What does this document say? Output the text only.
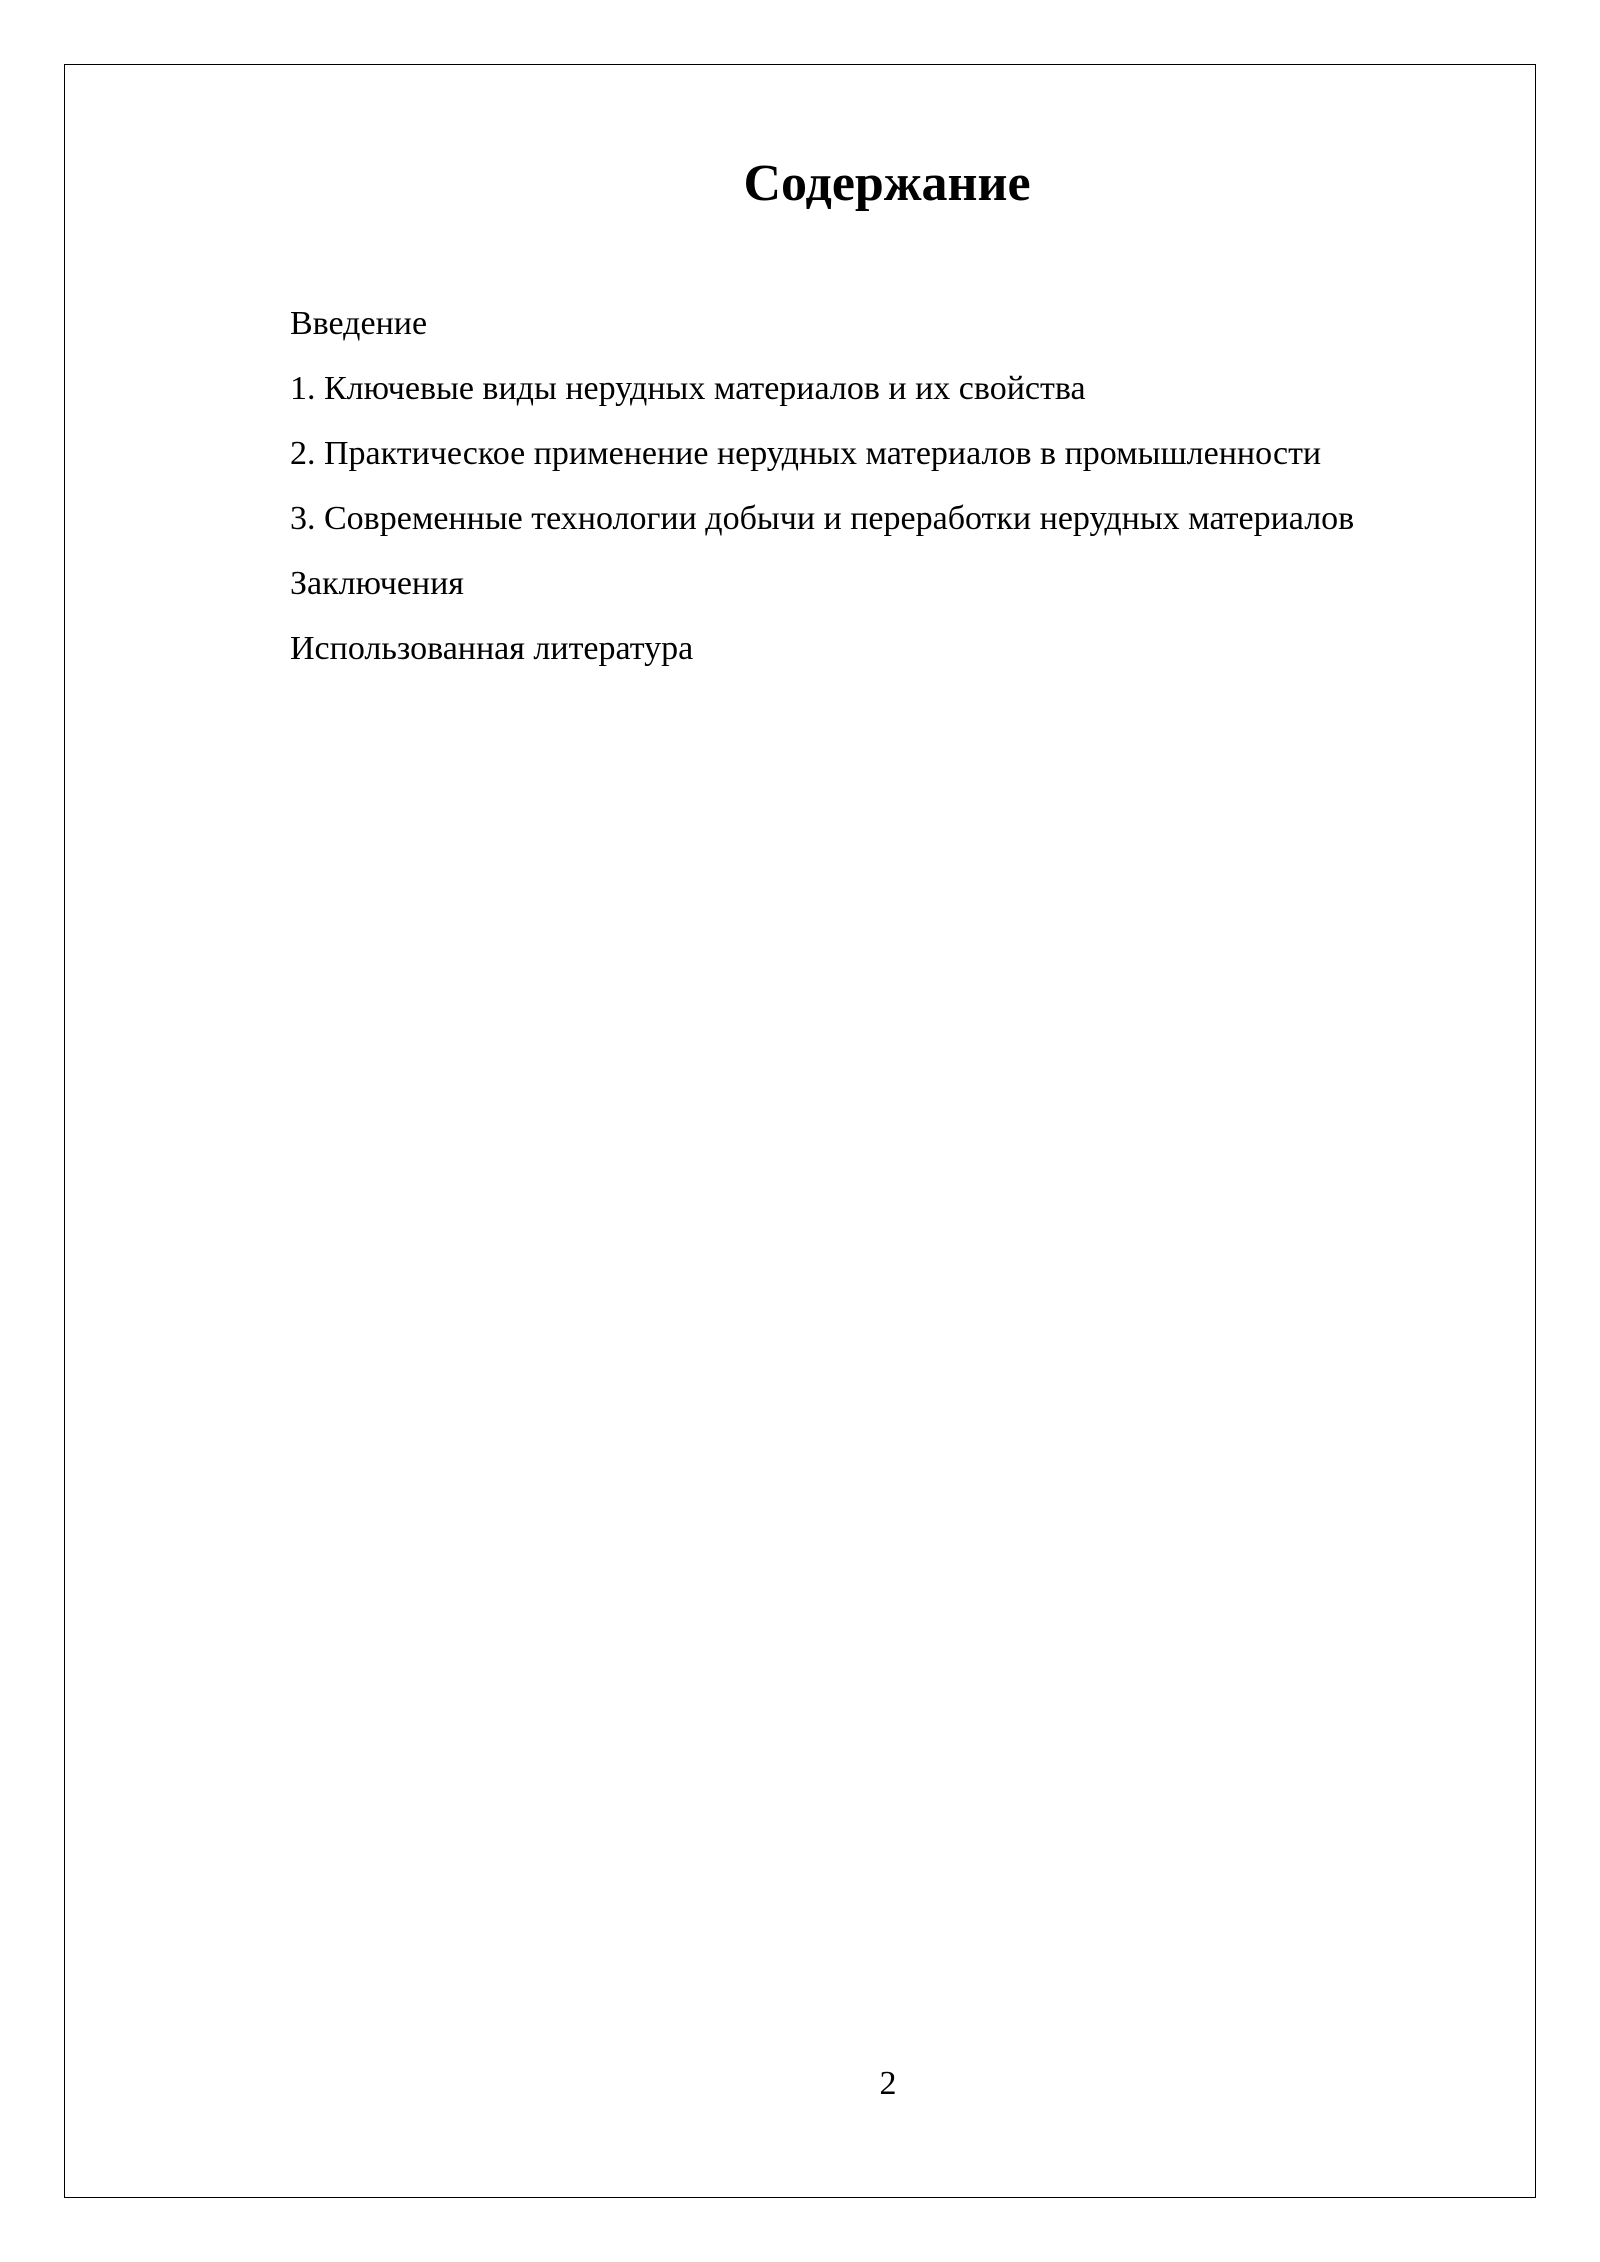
Содержание
Введение
1. Ключевые виды нерудных материалов и их свойства
2. Практическое применение нерудных материалов в промышленности
3. Современные технологии добычи и переработки нерудных материалов
Заключения
Использованная литература
2
